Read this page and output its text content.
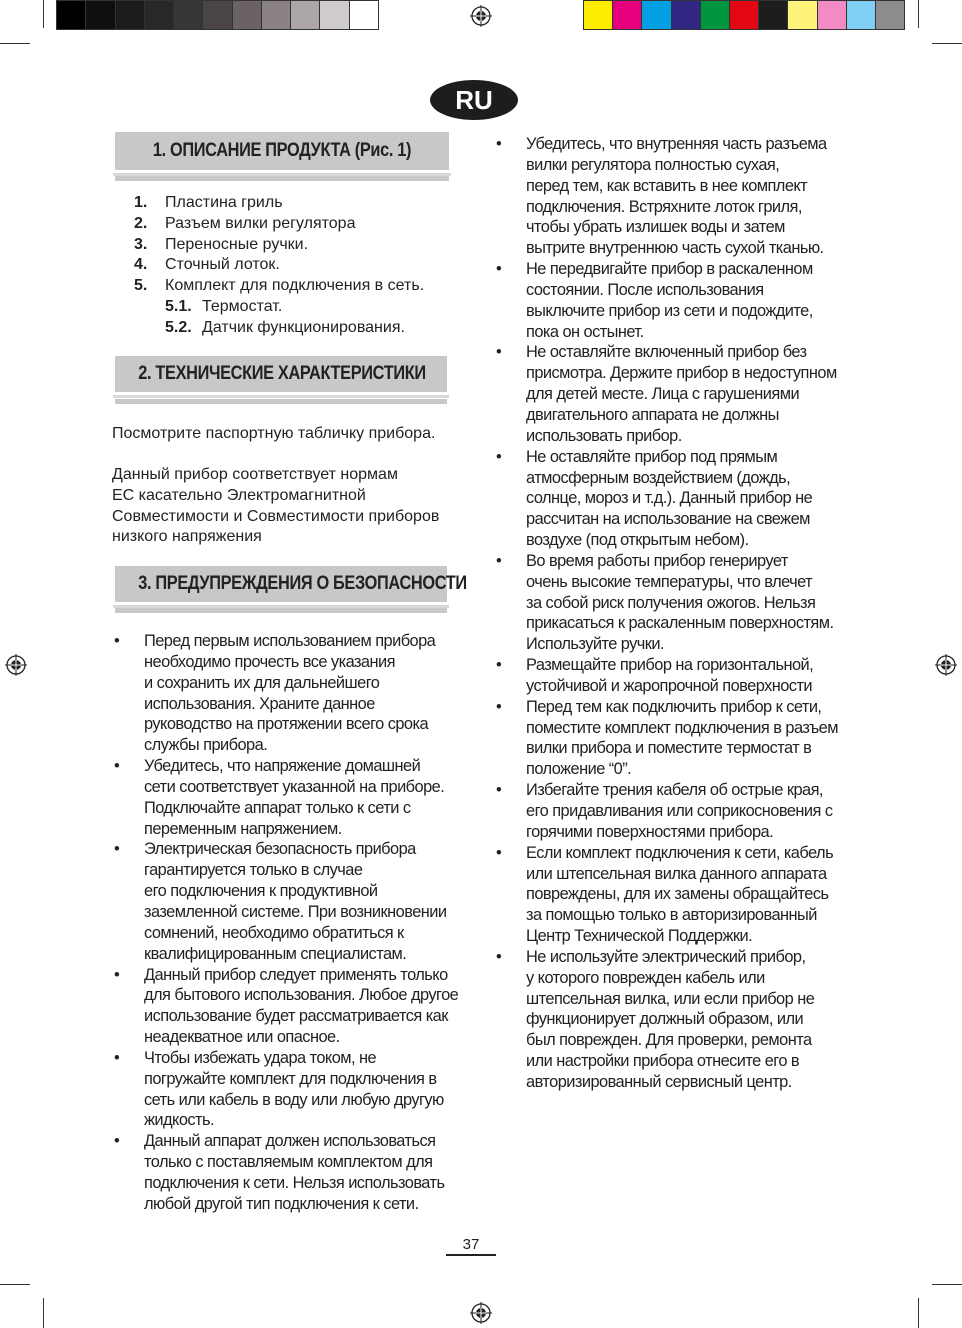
RU
1. ОПИСАНИЕ ПРОДУКТА (Рис. 1)
1.	Пластина гриль
2.	Разъем вилки регулятора
3.	Переносные ручки.
4.	Сточный лоток.
5.	Комплект для подключения в сеть.
5.1. Термостат.
5.2. Датчик функционирования.
2. ТЕХНИЧЕСКИЕ ХАРАКТЕРИСТИКИ
Посмотрите паспортную табличку прибора.
Данный прибор соответствует нормам
ЕС касательно Электромагнитной
Совместимости и Совместимости приборов
низкого напряжения
3. ПРЕДУПРЕЖДЕНИЯ О БЕЗОПАСНОСТИ
•	Перед первым использованием прибора
необходимо прочесть все указания
и сохранить их для дальнейшего
использования. Храните данное
руководство на протяжении всего срока
службы прибора.
•	Убедитесь, что напряжение домашней
сети соответствует указанной на приборе.
Подключайте аппарат только к сети с
переменным напряжением.
•	Электрическая безопасность прибора
гарантируется только в случае
его подключения к продуктивной
заземленной системе. При возникновении
сомнений, необходимо обратиться к
квалифицированным специалистам.
•	Данный прибор следует применять только
для бытового использования. Любое другое
использование будет рассматривается как
неадекватное или опасное.
•	Чтобы избежать удара током, не
погружайте комплект для подключения в
сеть или кабель в воду или любую другую
жидкость.
•	Данный аппарат должен использоваться
только с поставляемым комплектом для
подключения к сети. Нельзя использовать
любой другой тип подключения к сети.
•	Убедитесь, что внутренняя часть разъема
вилки регулятора полностью сухая,
перед тем, как вставить в нее комплект
подключения. Встряхните лоток гриля,
чтобы убрать излишек воды и затем
вытрите внутреннюю часть сухой тканью.
•	Не передвигайте прибор в раскаленном
состоянии. После использования
выключите прибор из сети и подождите,
пока он остынет.
•	Не оставляйте включенный прибор без
присмотра. Держите прибор в недоступном
для детей месте. Лица с гарушениями
двигательного аппарата не должны
использовать прибор.
•	Не оставляйте прибор под прямым
атмосферным воздействием (дождь,
солнце, мороз и т.д.). Данный прибор не
рассчитан на использование на свежем
воздухе (под открытым небом).
•	Во время работы прибор генерирует
очень высокие температуры, что влечет
за собой риск получения ожогов. Нельзя
прикасаться к раскаленным поверхностям.
Используйте ручки.
•	Размещайте прибор на горизонтальной,
устойчивой и жаропрочной поверхности
•	Перед тем как подключить прибор к сети,
поместите комплект подключения в разъем
вилки прибора и поместите термостат в
положение “0”.
•	Избегайте трения кабеля об острые края,
его придавливания или соприкосновения с
горячими поверхностями прибора.
•	Если комплект подключения к сети, кабель
или штепсельная вилка данного аппарата
повреждены, для их замены обращайтесь
за помощью только в авторизированный
Центр Технической Поддержки.
•	Не используйте электрический прибор,
у которого поврежден кабель или
штепсельная вилка, или если прибор не
функционирует должный образом, или
был поврежден. Для проверки, ремонта
или настройки прибора отнесите его в
авторизированный сервисный центр.
37
